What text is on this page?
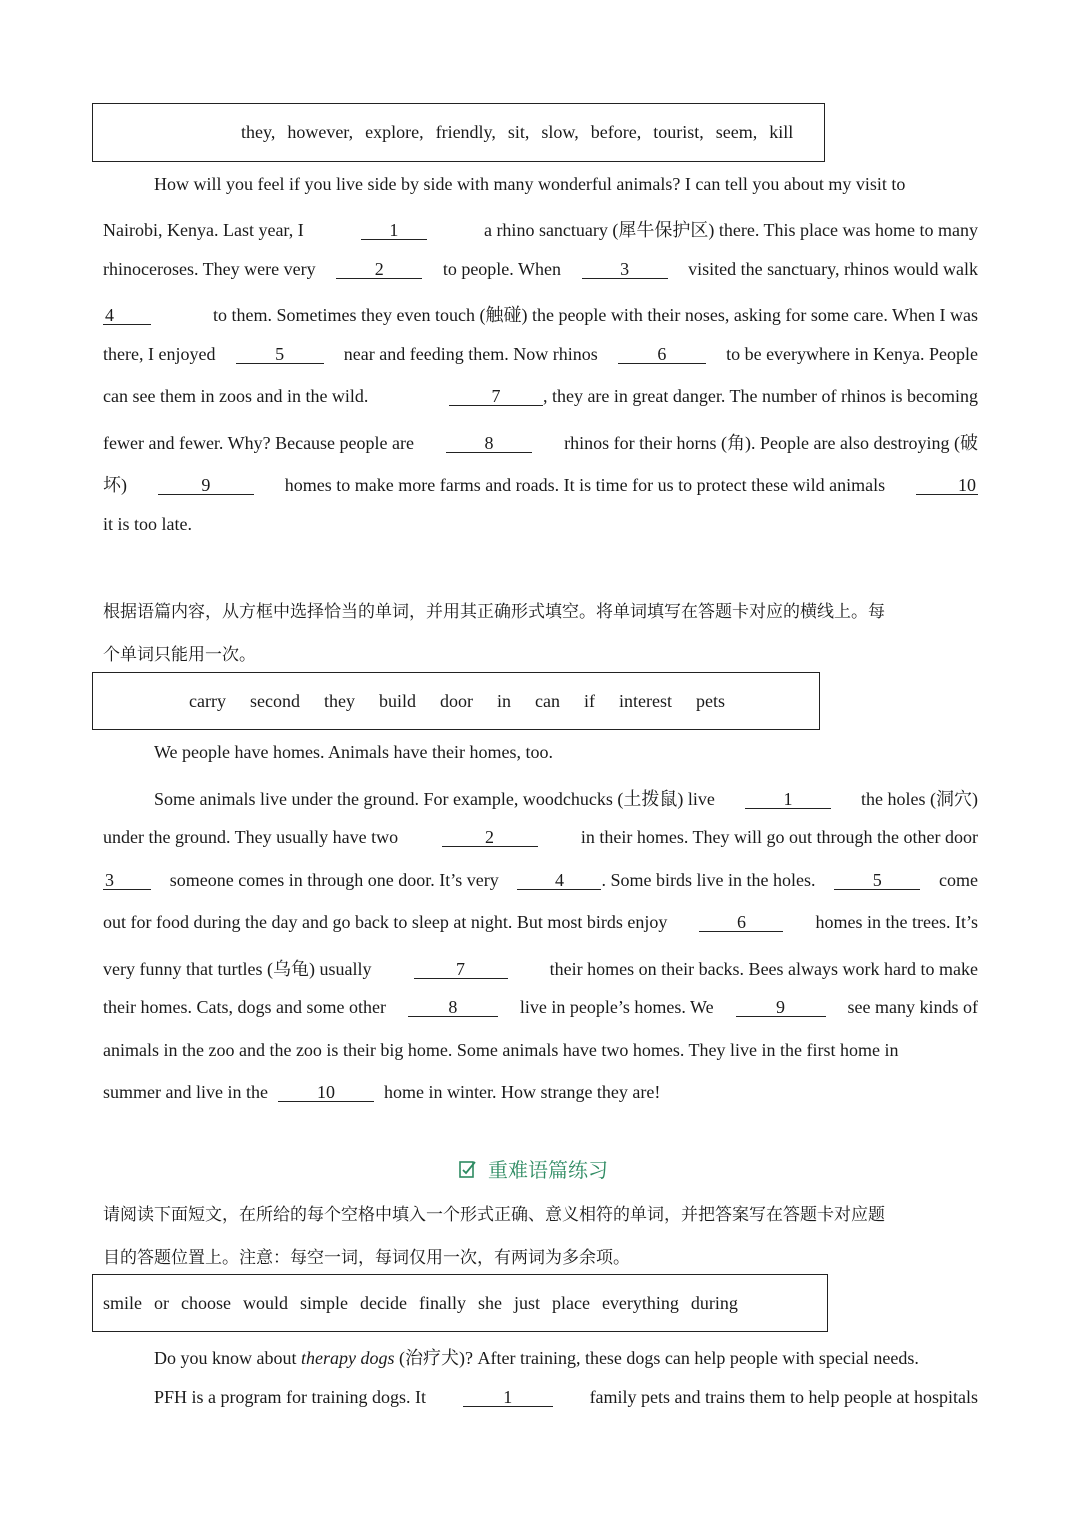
they, however, explore, friendly, sit, slow, before, tourist, seem, kill
How will you feel if you live side by side with many wonderful animals? I can tell you about my visit to
Nairobi, Kenya. Last year, I	1	a rhino sanctuary (犀牛保护区) there. This place was home to many
rhinoceroses. They were very	2	to people. When	3	visited the sanctuary, rhinos would walk
4	to them. Sometimes they even touch (触碰) the people with their noses, asking for some care. When I was
there, I enjoyed	5	near and feeding them. Now rhinos	6	to be everywhere in Kenya. People
can see them in zoos and in the wild.	7	, they are in great danger. The number of rhinos is becoming
fewer and fewer. Why? Because people are	8	rhinos for their horns (角). People are also destroying (破
坏)	9	homes to make more farms and roads. It is time for us to protect these wild animals	10
it is too late.
根据语篇内容，从方框中选择恰当的单词，并用其正确形式填空。将单词填写在答题卡对应的横线上。每
个单词只能用一次。
carry second they build door in can if interest pets
We people have homes. Animals have their homes, too.
Some animals live under the ground. For example, woodchucks (土拨鼠) live	1	the holes (洞穴)
under the ground. They usually have two	2	in their homes. They will go out through the other door
3	someone comes in through one door. It’s very	4	. Some birds live in the holes.	5	come
out for food during the day and go back to sleep at night. But most birds enjoy	6	homes in the trees. It’s
very funny that turtles (乌龟) usually	7	their homes on their backs. Bees always work hard to make
their homes. Cats, dogs and some other	8	live in people’s homes. We	9	see many kinds of
animals in the zoo and the zoo is their big home. Some animals have two homes. They live in the first home in
summer and live in the	10	home in winter. How strange they are!
重难语篇练习
请阅读下面短文，在所给的每个空格中填入一个形式正确、意义相符的单词，并把答案写在答题卡对应题
目的答题位置上。注意：每空一词，每词仅用一次，有两词为多余项。
smile or choose would simple decide finally she just place everything during
Do you know about therapy dogs (治疗犬)? After training, these dogs can help people with special needs.
PFH is a program for training dogs. It	1	family pets and trains them to help people at hospitals
